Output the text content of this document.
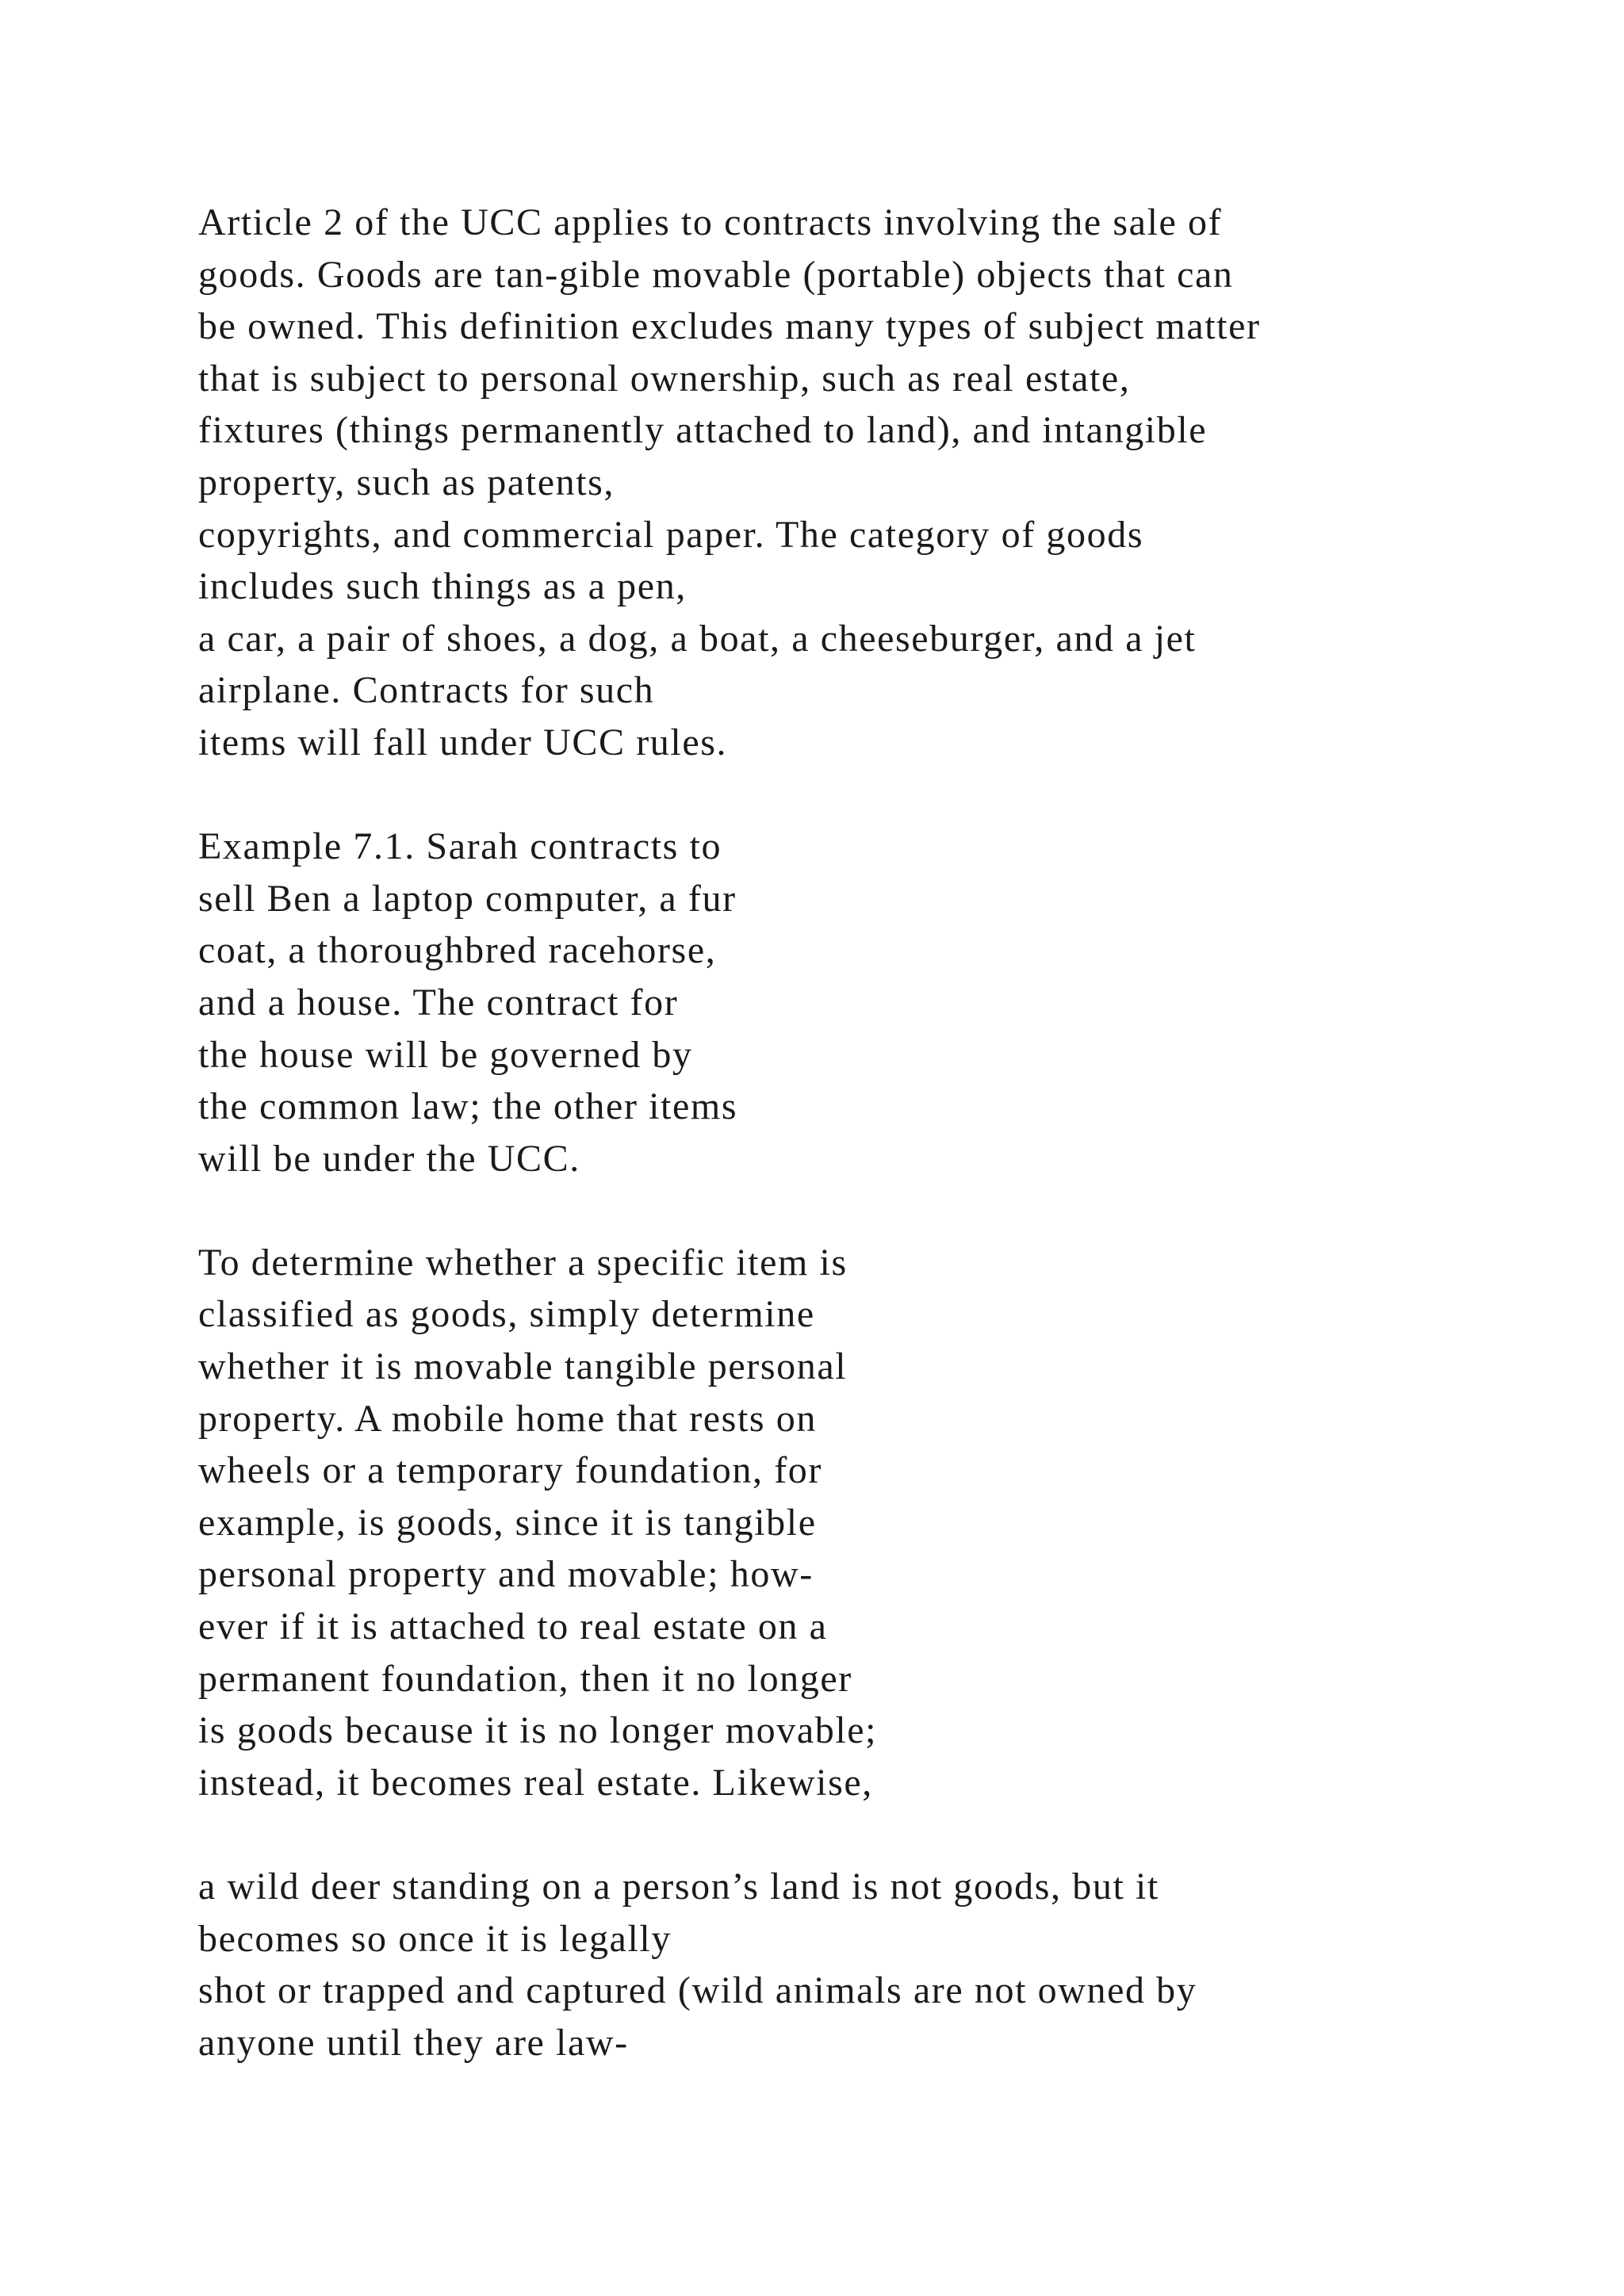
Article 2 of the UCC applies to contracts involving the sale of
goods. Goods are tan-gible movable (portable) objects that can
be owned. This definition excludes many types of subject matter
that is subject to personal ownership, such as real estate,
fixtures (things permanently attached to land), and intangible
property, such as patents,
copyrights, and commercial paper. The category of goods
includes such things as a pen,
a car, a pair of shoes, a dog, a boat, a cheeseburger, and a jet
airplane. Contracts for such
items will fall under UCC rules.
Example 7.1. Sarah contracts to
sell Ben a laptop computer, a fur
coat, a thoroughbred racehorse,
and a house. The contract for
the house will be governed by
the common law; the other items
will be under the UCC.
To determine whether a specific item is
classified as goods, simply determine
whether it is movable tangible personal
property. A mobile home that rests on
wheels or a temporary foundation, for
example, is goods, since it is tangible
personal property and movable; how-
ever if it is attached to real estate on a
permanent foundation, then it no longer
is goods because it is no longer movable;
instead, it becomes real estate. Likewise,
a wild deer standing on a person’s land is not goods, but it
becomes so once it is legally
shot or trapped and captured (wild animals are not owned by
anyone until they are law-
